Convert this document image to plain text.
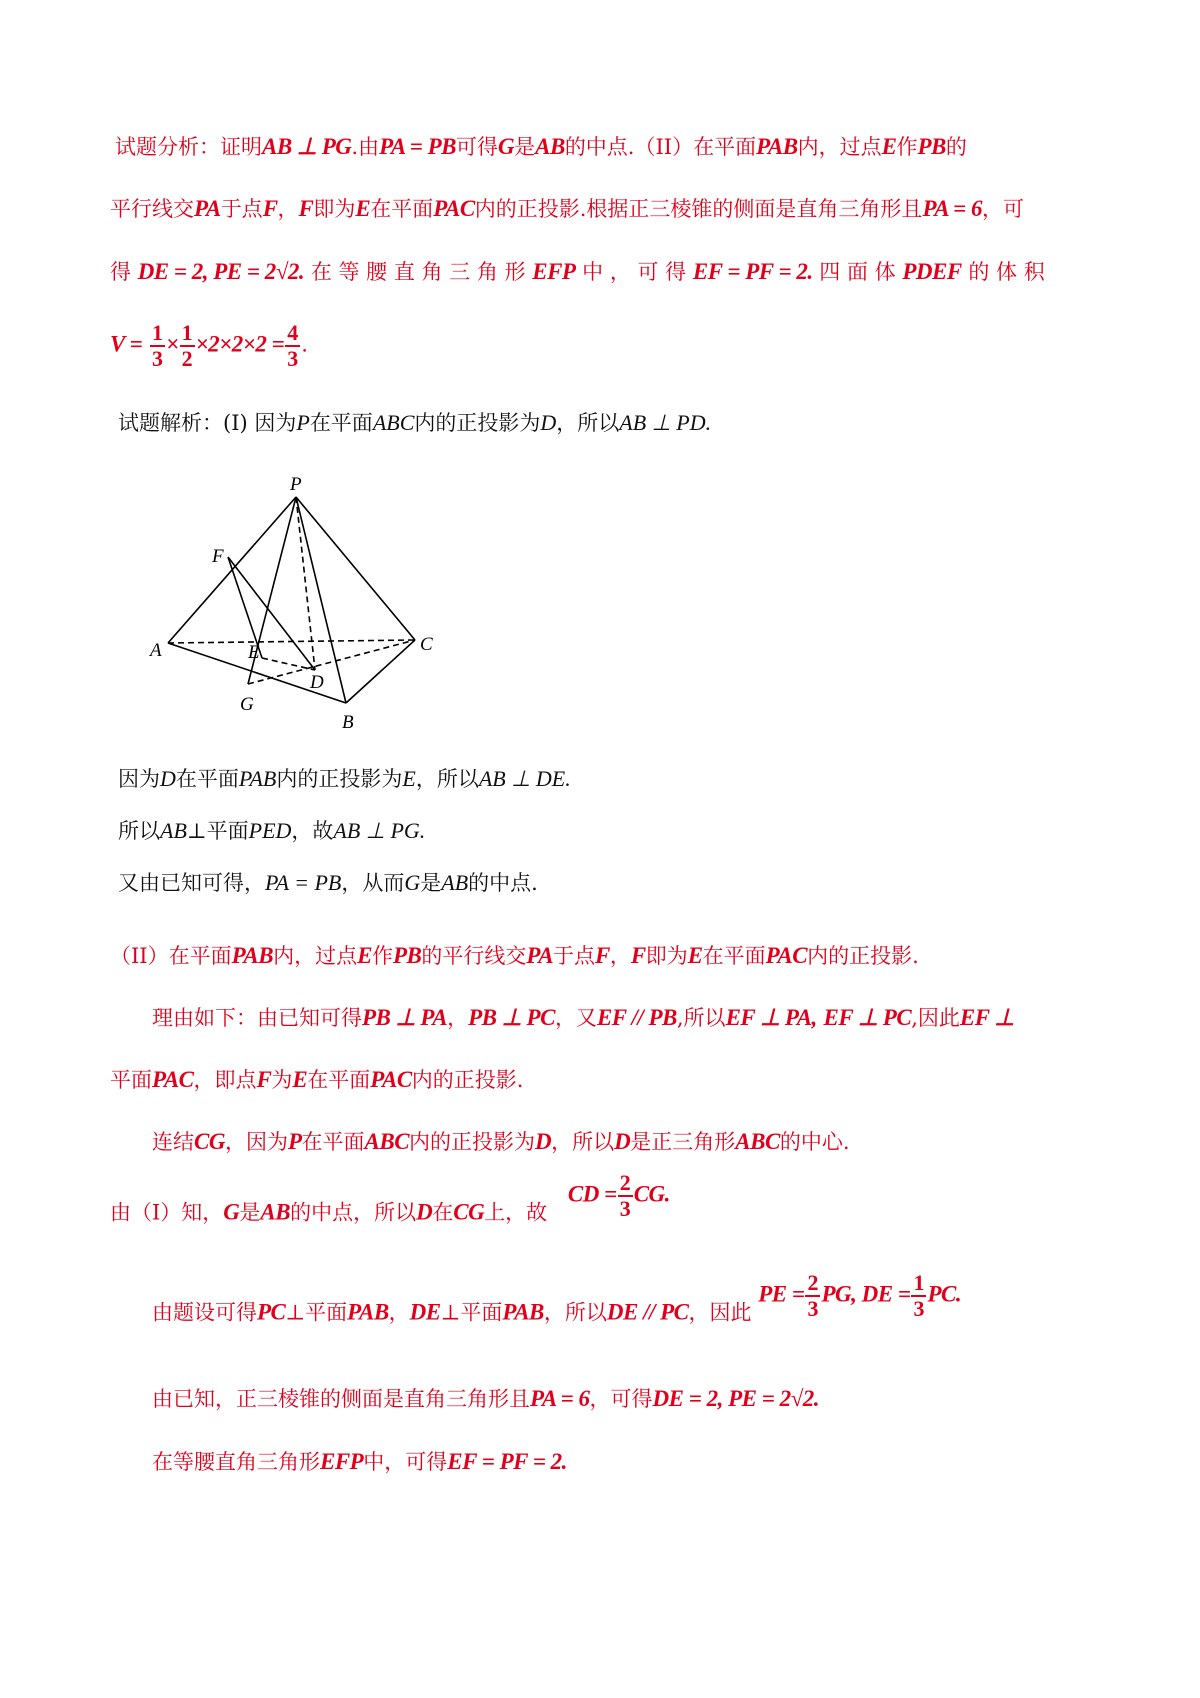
试题分析：证明AB ⊥ PG.由PA = PB可得G是AB的中点.（II）在平面PAB内，过点E作PB的
平行线交PA于点F，F即为E在平面PAC内的正投影.根据正三棱锥的侧面是直角三角形且PA = 6，可
得 DE = 2, PE = 2√2. 在 等 腰 直 角 三 角 形 EFP 中 ， 可 得 EF = PF = 2. 四 面 体 PDEF 的 体 积
$V = \frac{1}{3} \times \frac{1}{2} \times 2\times 2\times 2 = \frac{4}{3}$ .
试题解析：(I) 因为P在平面ABC内的正投影为D，所以AB ⊥ PD.
P
F
E
A	C
D
G
B
因为D在平面PAB内的正投影为E，所以AB ⊥ DE.
所以AB⊥平面PED，故AB ⊥ PG.
又由已知可得，PA = PB，从而G是AB的中点.
（II）在平面PAB内，过点E作PB的平行线交PA于点F，F即为E在平面PAC内的正投影.
理由如下：由已知可得PB ⊥ PA，PB ⊥ PC，又EF // PB,所以EF ⊥ PA, EF ⊥ PC,因此EF ⊥
平面PAC，即点F为E在平面PAC内的正投影.
连结CG，因为P在平面ABC内的正投影为D，所以D是正三角形ABC的中心.
由（I）知，G是AB的中点，所以D在CG上，故 CD = $\frac{2}{3}$ CG.
由题设可得PC⊥平面PAB，DE⊥平面PAB，所以DE // PC，因此 PE = $\frac{2}{3}$ PG, DE = $\frac{1}{3}$ PC.
由已知，正三棱锥的侧面是直角三角形且PA = 6，可得DE = 2, PE = 2√2.
在等腰直角三角形EFP中，可得EF = PF = 2.
